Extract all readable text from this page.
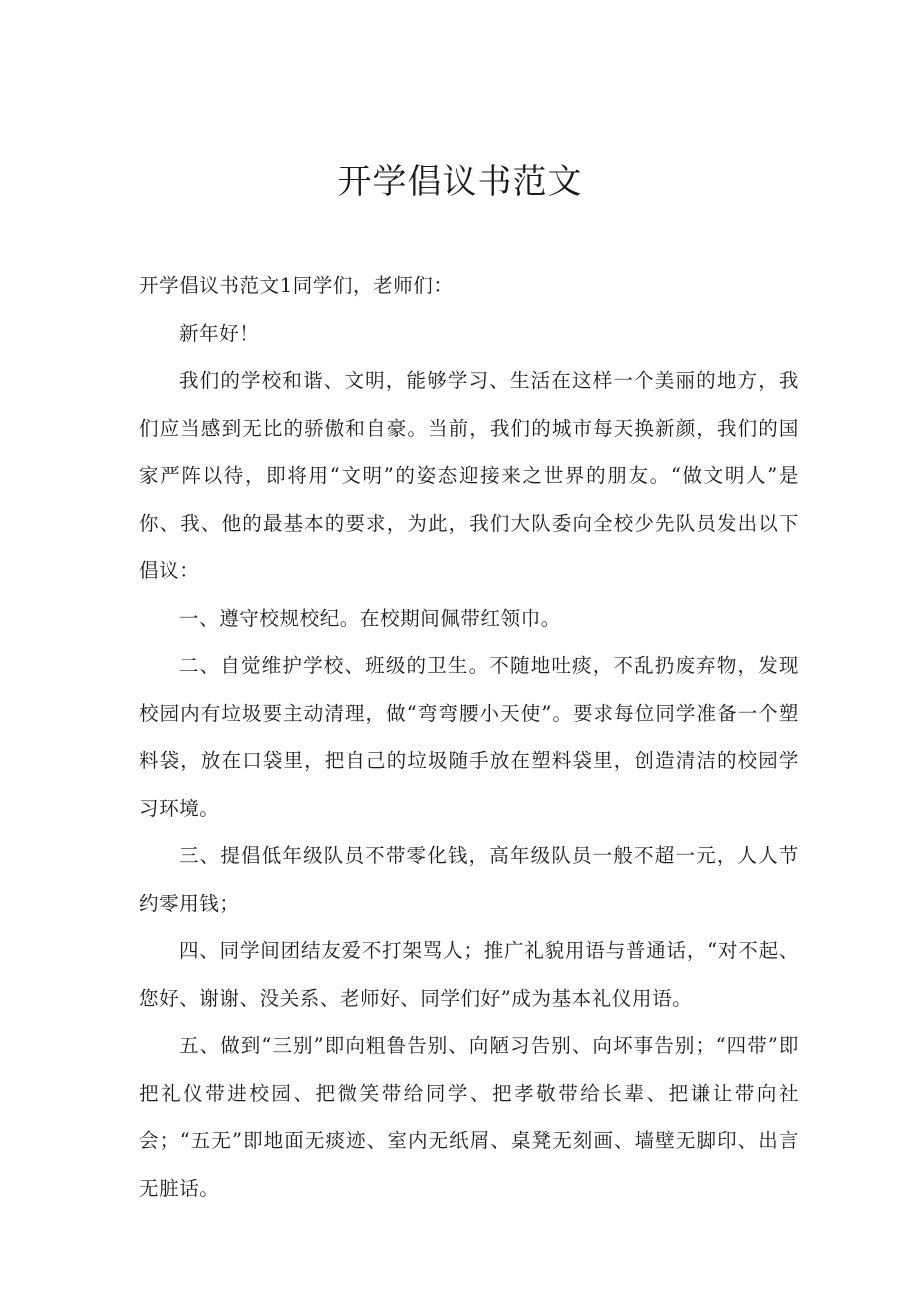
开学倡议书范文

开学倡议书范文1同学们，老师们：

新年好！

我们的学校和谐、文明，能够学习、生活在这样一个美丽的地方，我们应当感到无比的骄傲和自豪。当前，我们的城市每天换新颜，我们的国家严阵以待，即将用“文明”的姿态迎接来之世界的朋友。“做文明人”是你、我、他的最基本的要求，为此，我们大队委向全校少先队员发出以下倡议：

一、遵守校规校纪。在校期间佩带红领巾。

二、自觉维护学校、班级的卫生。不随地吐痰，不乱扔废弃物，发现校园内有垃圾要主动清理，做“弯弯腰小天使”。要求每位同学准备一个塑料袋，放在口袋里，把自己的垃圾随手放在塑料袋里，创造清洁的校园学习环境。

三、提倡低年级队员不带零化钱，高年级队员一般不超一元，人人节约零用钱；

四、同学间团结友爱不打架骂人；推广礼貌用语与普通话，“对不起、您好、谢谢、没关系、老师好、同学们好”成为基本礼仪用语。

五、做到“三别”即向粗鲁告别、向陋习告别、向坏事告别；“四带”即把礼仪带进校园、把微笑带给同学、把孝敬带给长辈、把谦让带向社会；“五无”即地面无痰迹、室内无纸屑、桌凳无刻画、墙壁无脚印、出言无脏话。
